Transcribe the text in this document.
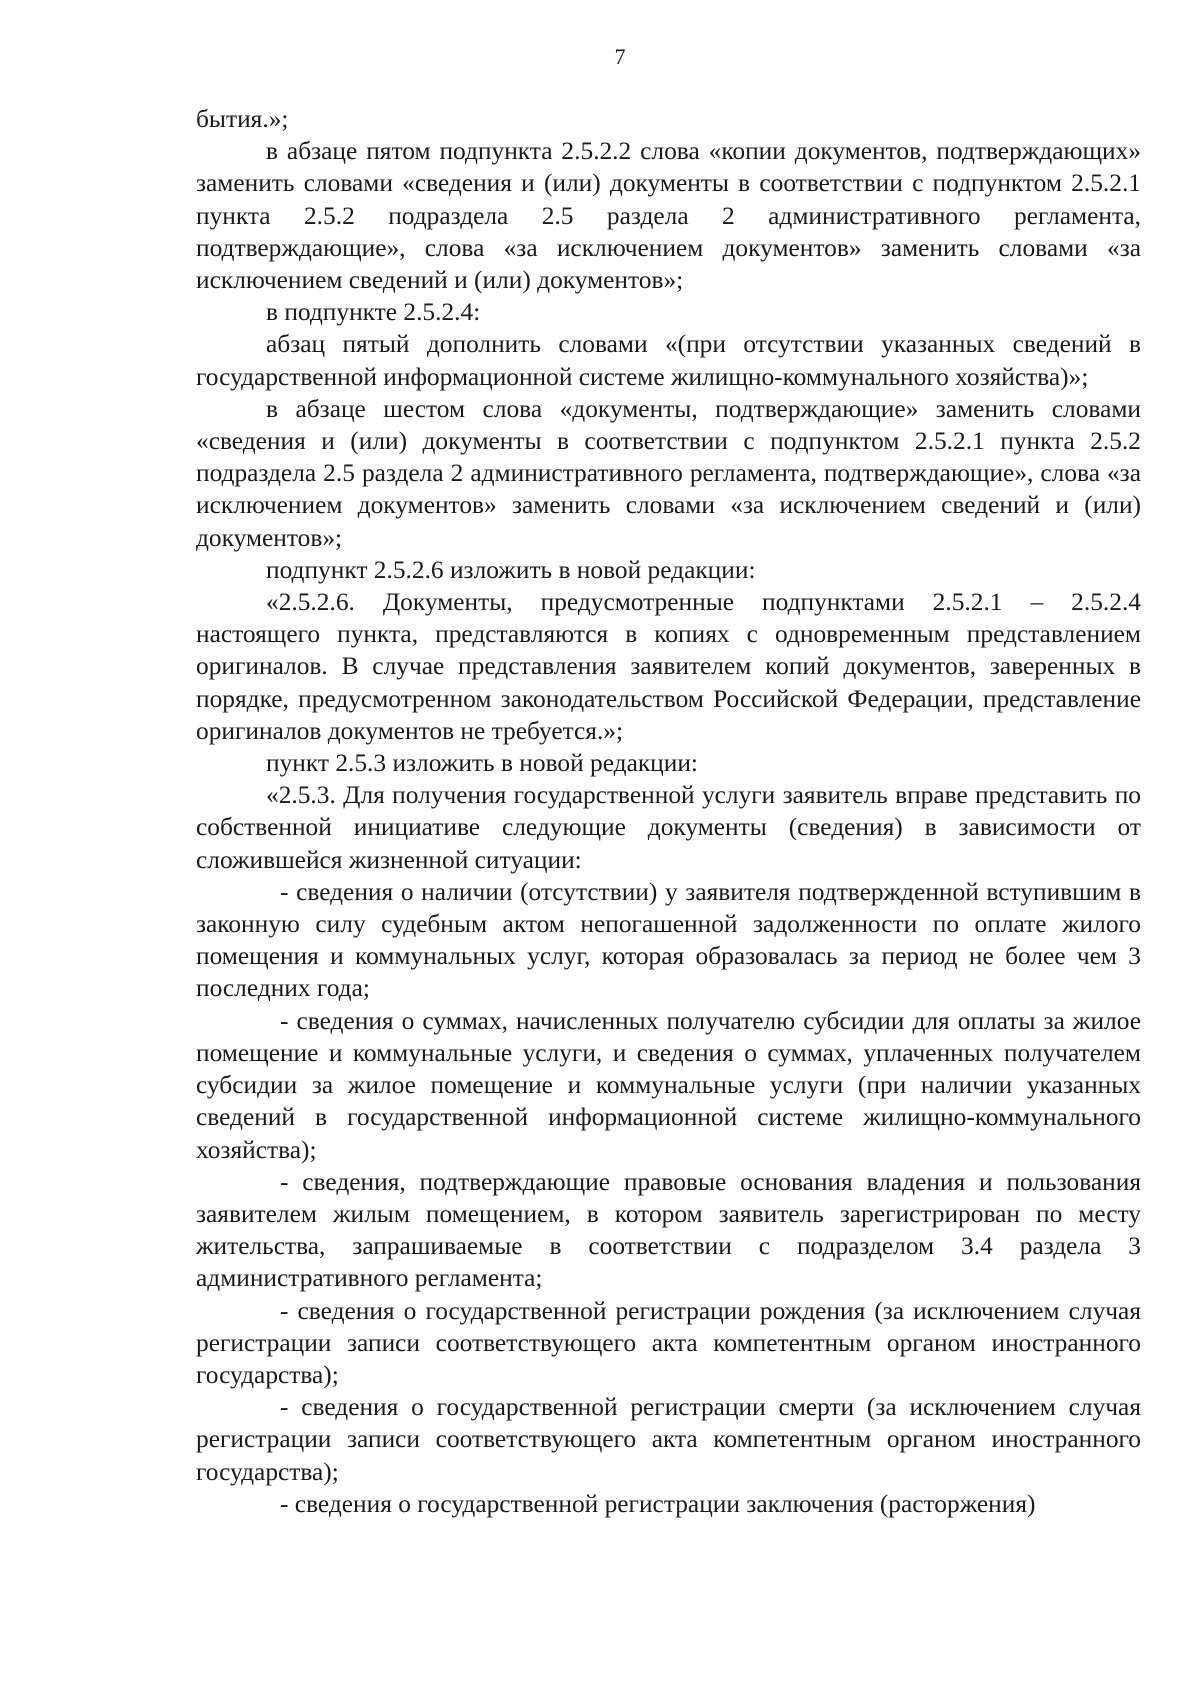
7

бытия.»;

в абзаце пятом подпункта 2.5.2.2 слова «копии документов, подтверждающих» заменить словами «сведения и (или) документы в соответствии с подпунктом 2.5.2.1 пункта 2.5.2 подраздела 2.5 раздела 2 административного регламента, подтверждающие», слова «за исключением документов» заменить словами «за исключением сведений и (или) документов»;

в подпункте 2.5.2.4:

абзац пятый дополнить словами «(при отсутствии указанных сведений в государственной информационной системе жилищно-коммунального хозяйства)»;

в абзаце шестом слова «документы, подтверждающие» заменить словами «сведения и (или) документы в соответствии с подпунктом 2.5.2.1 пункта 2.5.2 подраздела 2.5 раздела 2 административного регламента, подтверждающие», слова «за исключением документов» заменить словами «за исключением сведений и (или) документов»;

подпункт 2.5.2.6 изложить в новой редакции:

«2.5.2.6. Документы, предусмотренные подпунктами 2.5.2.1 – 2.5.2.4 настоящего пункта, представляются в копиях с одновременным представлением оригиналов. В случае представления заявителем копий документов, заверенных в порядке, предусмотренном законодательством Российской Федерации, представление оригиналов документов не требуется.»;

пункт 2.5.3 изложить в новой редакции:

«2.5.3. Для получения государственной услуги заявитель вправе представить по собственной инициативе следующие документы (сведения) в зависимости от сложившейся жизненной ситуации:

- сведения о наличии (отсутствии) у заявителя подтвержденной вступившим в законную силу судебным актом непогашенной задолженности по оплате жилого помещения и коммунальных услуг, которая образовалась за период не более чем 3 последних года;

- сведения о суммах, начисленных получателю субсидии для оплаты за жилое помещение и коммунальные услуги, и сведения о суммах, уплаченных получателем субсидии за жилое помещение и коммунальные услуги (при наличии указанных сведений в государственной информационной системе жилищно-коммунального хозяйства);

- сведения, подтверждающие правовые основания владения и пользования заявителем жилым помещением, в котором заявитель зарегистрирован по месту жительства, запрашиваемые в соответствии с подразделом 3.4 раздела 3 административного регламента;

- сведения о государственной регистрации рождения (за исключением случая регистрации записи соответствующего акта компетентным органом иностранного государства);

- сведения о государственной регистрации смерти (за исключением случая регистрации записи соответствующего акта компетентным органом иностранного государства);

- сведения о государственной регистрации заключения (расторжения)
